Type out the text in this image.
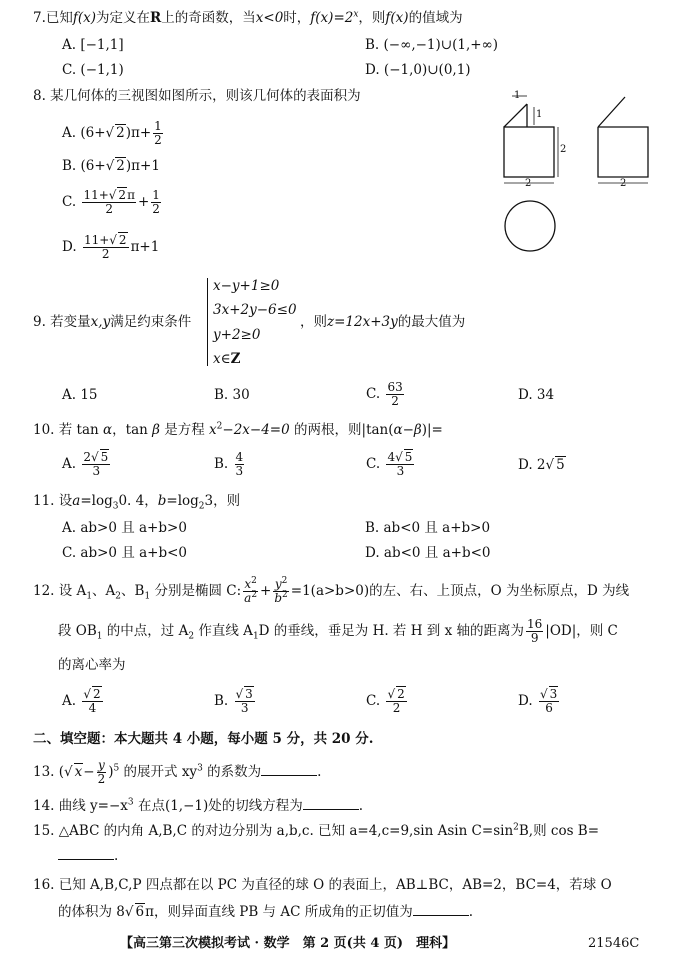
7.已知f(x)为定义在R上的奇函数，当x<0时，$f(x)=2^x$，则f(x)的值域为
A. [−1,1]	B. (−∞,−1)∪(1,+∞)
C. (−1,1)	D. (−1,0)∪(0,1)
8. 某几何体的三视图如图所示，则该几何体的表面积为
A. (6+√ $2)\pi+ \frac{1}{2}$
B. (6+√ 2)π+1
C. $\frac{11+√ 2\pi}{2} + \frac{1}{2}$
D. $\frac{11+√ 2}{2} \pi+1$
1
1
2
2	2
x−y+1≥0
3x+2y−6≤0
y+2≥0
x∈Z
9. 若变量x,y满足约束条件	，则z=12x+3y的最大值为
A. 15	B. 30	C. $\frac{63}{2}$	D. 34
10. 若 tan α，tan β 是方程 $x^2-2x-4=0$ 的两根，则|tan(α−β)|=
A. $\frac{2√ 5}{3}$	B. $\frac{4}{3}$	C. $\frac{4√ 5}{3}$	D. 2√ 5
11. 设$a=\log_30$. 4，$b=\log_23$，则
A. ab>0 且 a+b>0	B. ab<0 且 a+b>0
C. ab>0 且 a+b<0	D. ab<0 且 a+b<0
12. 设 $A_1$、$A_2$、$B_1$ 分别是椭圆 C: $\frac{x^2}{a^2} + \frac{y^2}{b^2} =1(a>b>0)$的左、右、上顶点，O 为坐标原点，D 为线
段 $OB_1$ 的中点，过 $A_2$ 作直线 $A_1D$ 的垂线，垂足为 H. 若 H 到 x 轴的距离为 $\frac{16}{9} |OD|$，则 C
的离心率为
A. $\frac{√ 2}{4}$	B. $\frac{√ 3}{3}$	C. $\frac{√ 2}{2}$	D. $\frac{√ 3}{6}$
二、填空题：本大题共 4 小题，每小题 5 分，共 20 分.
13. (√ $x- \frac{y}{2} )^5$ 的展开式 $xy^3$ 的系数为	.
14. 曲线 $y=-x^3$ 在点(1,−1)处的切线方程为	.
15. △ABC 的内角 A,B,C 的对边分别为 a,b,c. 已知 a=4,c=9,sin Asin $C=\sin^2B$,则 cos B=
.
16. 已知 A,B,C,P 四点都在以 PC 为直径的球 O 的表面上，AB⊥BC，AB=2，BC=4，若球 O
的体积为 8√ 6π，则异面直线 PB 与 AC 所成角的正切值为	.
【高三第三次模拟考试 · 数学　第 2 页(共 4 页)　理科】	21546C
